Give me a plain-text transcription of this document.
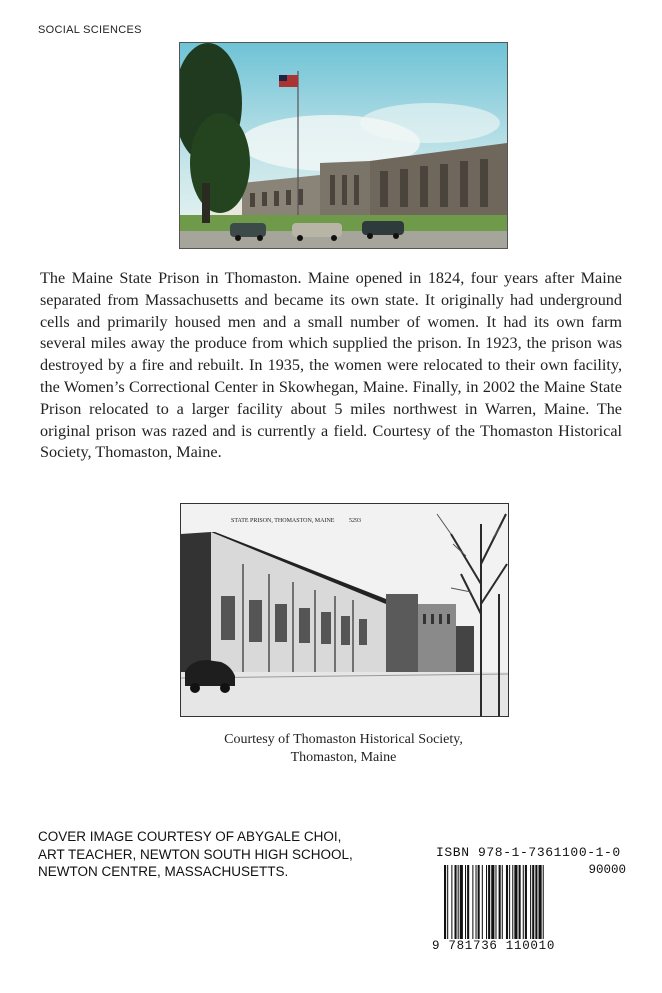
SOCIAL SCIENCES
The Maine State Prison in Thomaston. Maine opened in 1824, four years after Maine separated from Massachusetts and became its own state. It originally had underground cells and primarily housed men and a small number of women. It had its own farm several miles away the produce from which supplied the prison. In 1923, the prison was destroyed by a fire and rebuilt. In 1935, the women were relocated to their own facility, the Women’s Correctional Center in Skowhegan, Maine. Finally, in 2002 the Maine State Prison relocated to a larger facility about 5 miles northwest in Warren, Maine. The original prison was razed and is currently a field. Courtesy of the Thomaston Historical Society, Thomaston, Maine.
STATE PRISON, THOMASTON, MAINE 5293
Courtesy of Thomaston Historical Society,
Thomaston, Maine
COVER IMAGE COURTESY OF ABYGALE CHOI,
ART TEACHER, NEWTON SOUTH HIGH SCHOOL,
NEWTON CENTRE, MASSACHUSETTS.
ISBN 978-1-7361100-1-0
90000
9 781736 110010
